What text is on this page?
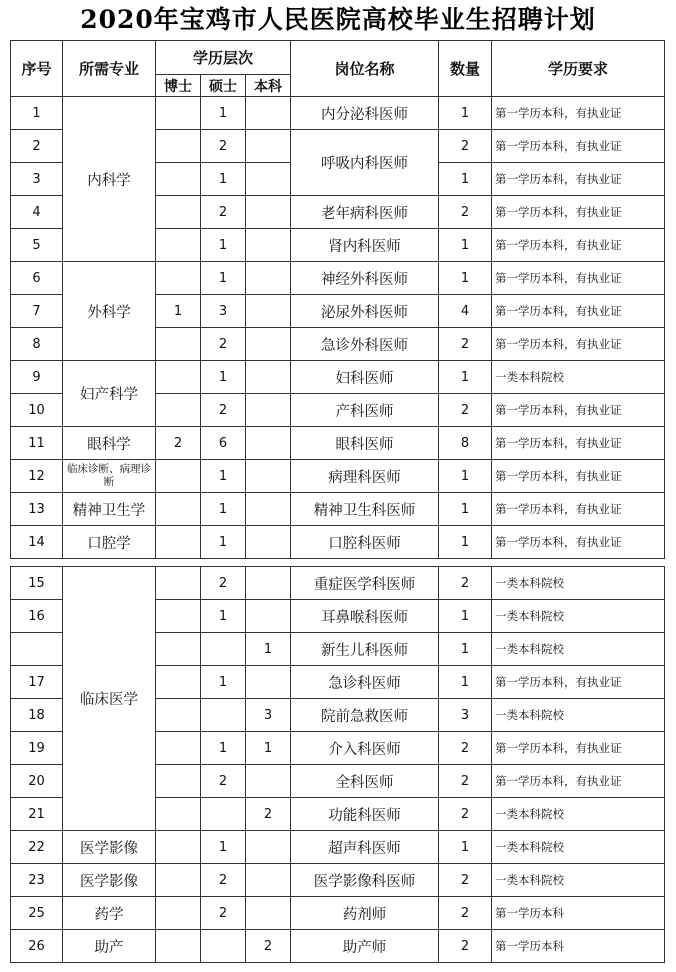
2020年宝鸡市人民医院高校毕业生招聘计划
序号	所需专业	学历层次			岗位名称	数量	学历要求
		博士	硕士	本科			
1	内科学		1		内分泌科医师	1	第一学历本科，有执业证
2			2		呼吸内科医师	2	第一学历本科，有执业证
3			1			1	第一学历本科，有执业证
4			2		老年病科医师	2	第一学历本科，有执业证
5			1		肾内科医师	1	第一学历本科，有执业证
6	外科学		1		神经外科医师	1	第一学历本科，有执业证
7		1	3		泌尿外科医师	4	第一学历本科，有执业证
8			2		急诊外科医师	2	第一学历本科，有执业证
9	妇产科学		1		妇科医师	1	一类本科院校
10			2		产科医师	2	第一学历本科，有执业证
11	眼科学	2	6		眼科医师	8	第一学历本科，有执业证
12	临床诊断、病理诊断		1		病理科医师	1	第一学历本科，有执业证
13	精神卫生学		1		精神卫生科医师	1	第一学历本科，有执业证
14	口腔学		1		口腔科医师	1	第一学历本科，有执业证
15	临床医学		2		重症医学科医师	2	一类本科院校
16			1		耳鼻喉科医师	1	一类本科院校
				1	新生儿科医师	1	一类本科院校
17			1		急诊科医师	1	第一学历本科，有执业证
18				3	院前急救医师	3	一类本科院校
19			1	1	介入科医师	2	第一学历本科，有执业证
20			2		全科医师	2	第一学历本科，有执业证
21				2	功能科医师	2	一类本科院校
22	医学影像		1		超声科医师	1	一类本科院校
23	医学影像		2		医学影像科医师	2	一类本科院校
25	药学		2		药剂师	2	第一学历本科
26	助产			2	助产师	2	第一学历本科
